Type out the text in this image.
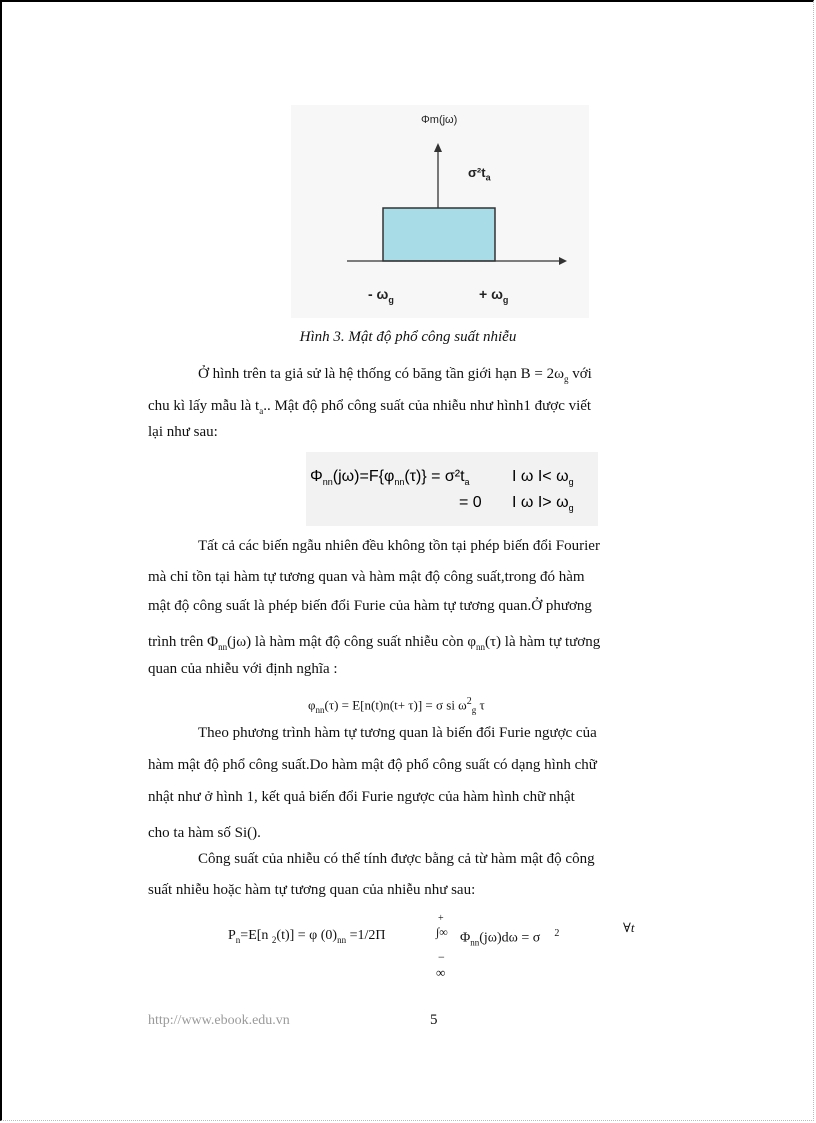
Φm(jω)
$\sigma^2t_a$
- $\omega_g$	+ $\omega_g$
Hình 3. Mật độ phổ công suất nhiễu
Ở hình trên ta giả sử là hệ thống có băng tần giới hạn $B = 2\omega_g$ với
chu kì lấy mẫu là $t_a$.. Mật độ phổ công suất của nhiễu như hình1 được viết
lại như sau:
$\Phi_{nn}(j\omega)=F\{\varphi_{nn}(\tau)\} = \sigma^2t_a$	I ω $I< \omega_g$
= 0 I ω $I> \omega_g$
Tất cả các biến ngẫu nhiên đều không tồn tại phép biến đổi Fourier
mà chỉ tồn tại hàm tự tương quan và hàm mật độ công suất,trong đó hàm
mật độ công suất là phép biến đổi Furie của hàm tự tương quan.Ở phương
trình trên $\Phi_{nn}(j\omega)$ là hàm mật độ công suất nhiễu còn $\varphi_{nn}(\tau)$ là hàm tự tương
quan của nhiễu với định nghĩa :
$\varphi_{nn}(\tau) = E[n(t)n(t+ \tau)] = \sigma$ si $\omega^2_g$ τ
Theo phương trình hàm tự tương quan là biến đổi Furie ngược của
hàm mật độ phổ công suất.Do hàm mật độ phổ công suất có dạng hình chữ
nhật như ở hình 1, kết quả biến đổi Furie ngược của hàm hình chữ nhật
cho ta hàm số Si().
Công suất của nhiễu có thể tính được bằng cả từ hàm mật độ công
suất nhiễu hoặc hàm tự tương quan của nhiễu như sau:
$P_n=E[n$ $_2$(t)] = φ $(0)_{nn} =1/2\Pi$
+
∫∞ $\Phi_{nn}(j\omega)d\omega = \sigma$ $^2$	∀t
−
∞
http://www.ebook.edu.vn	5
